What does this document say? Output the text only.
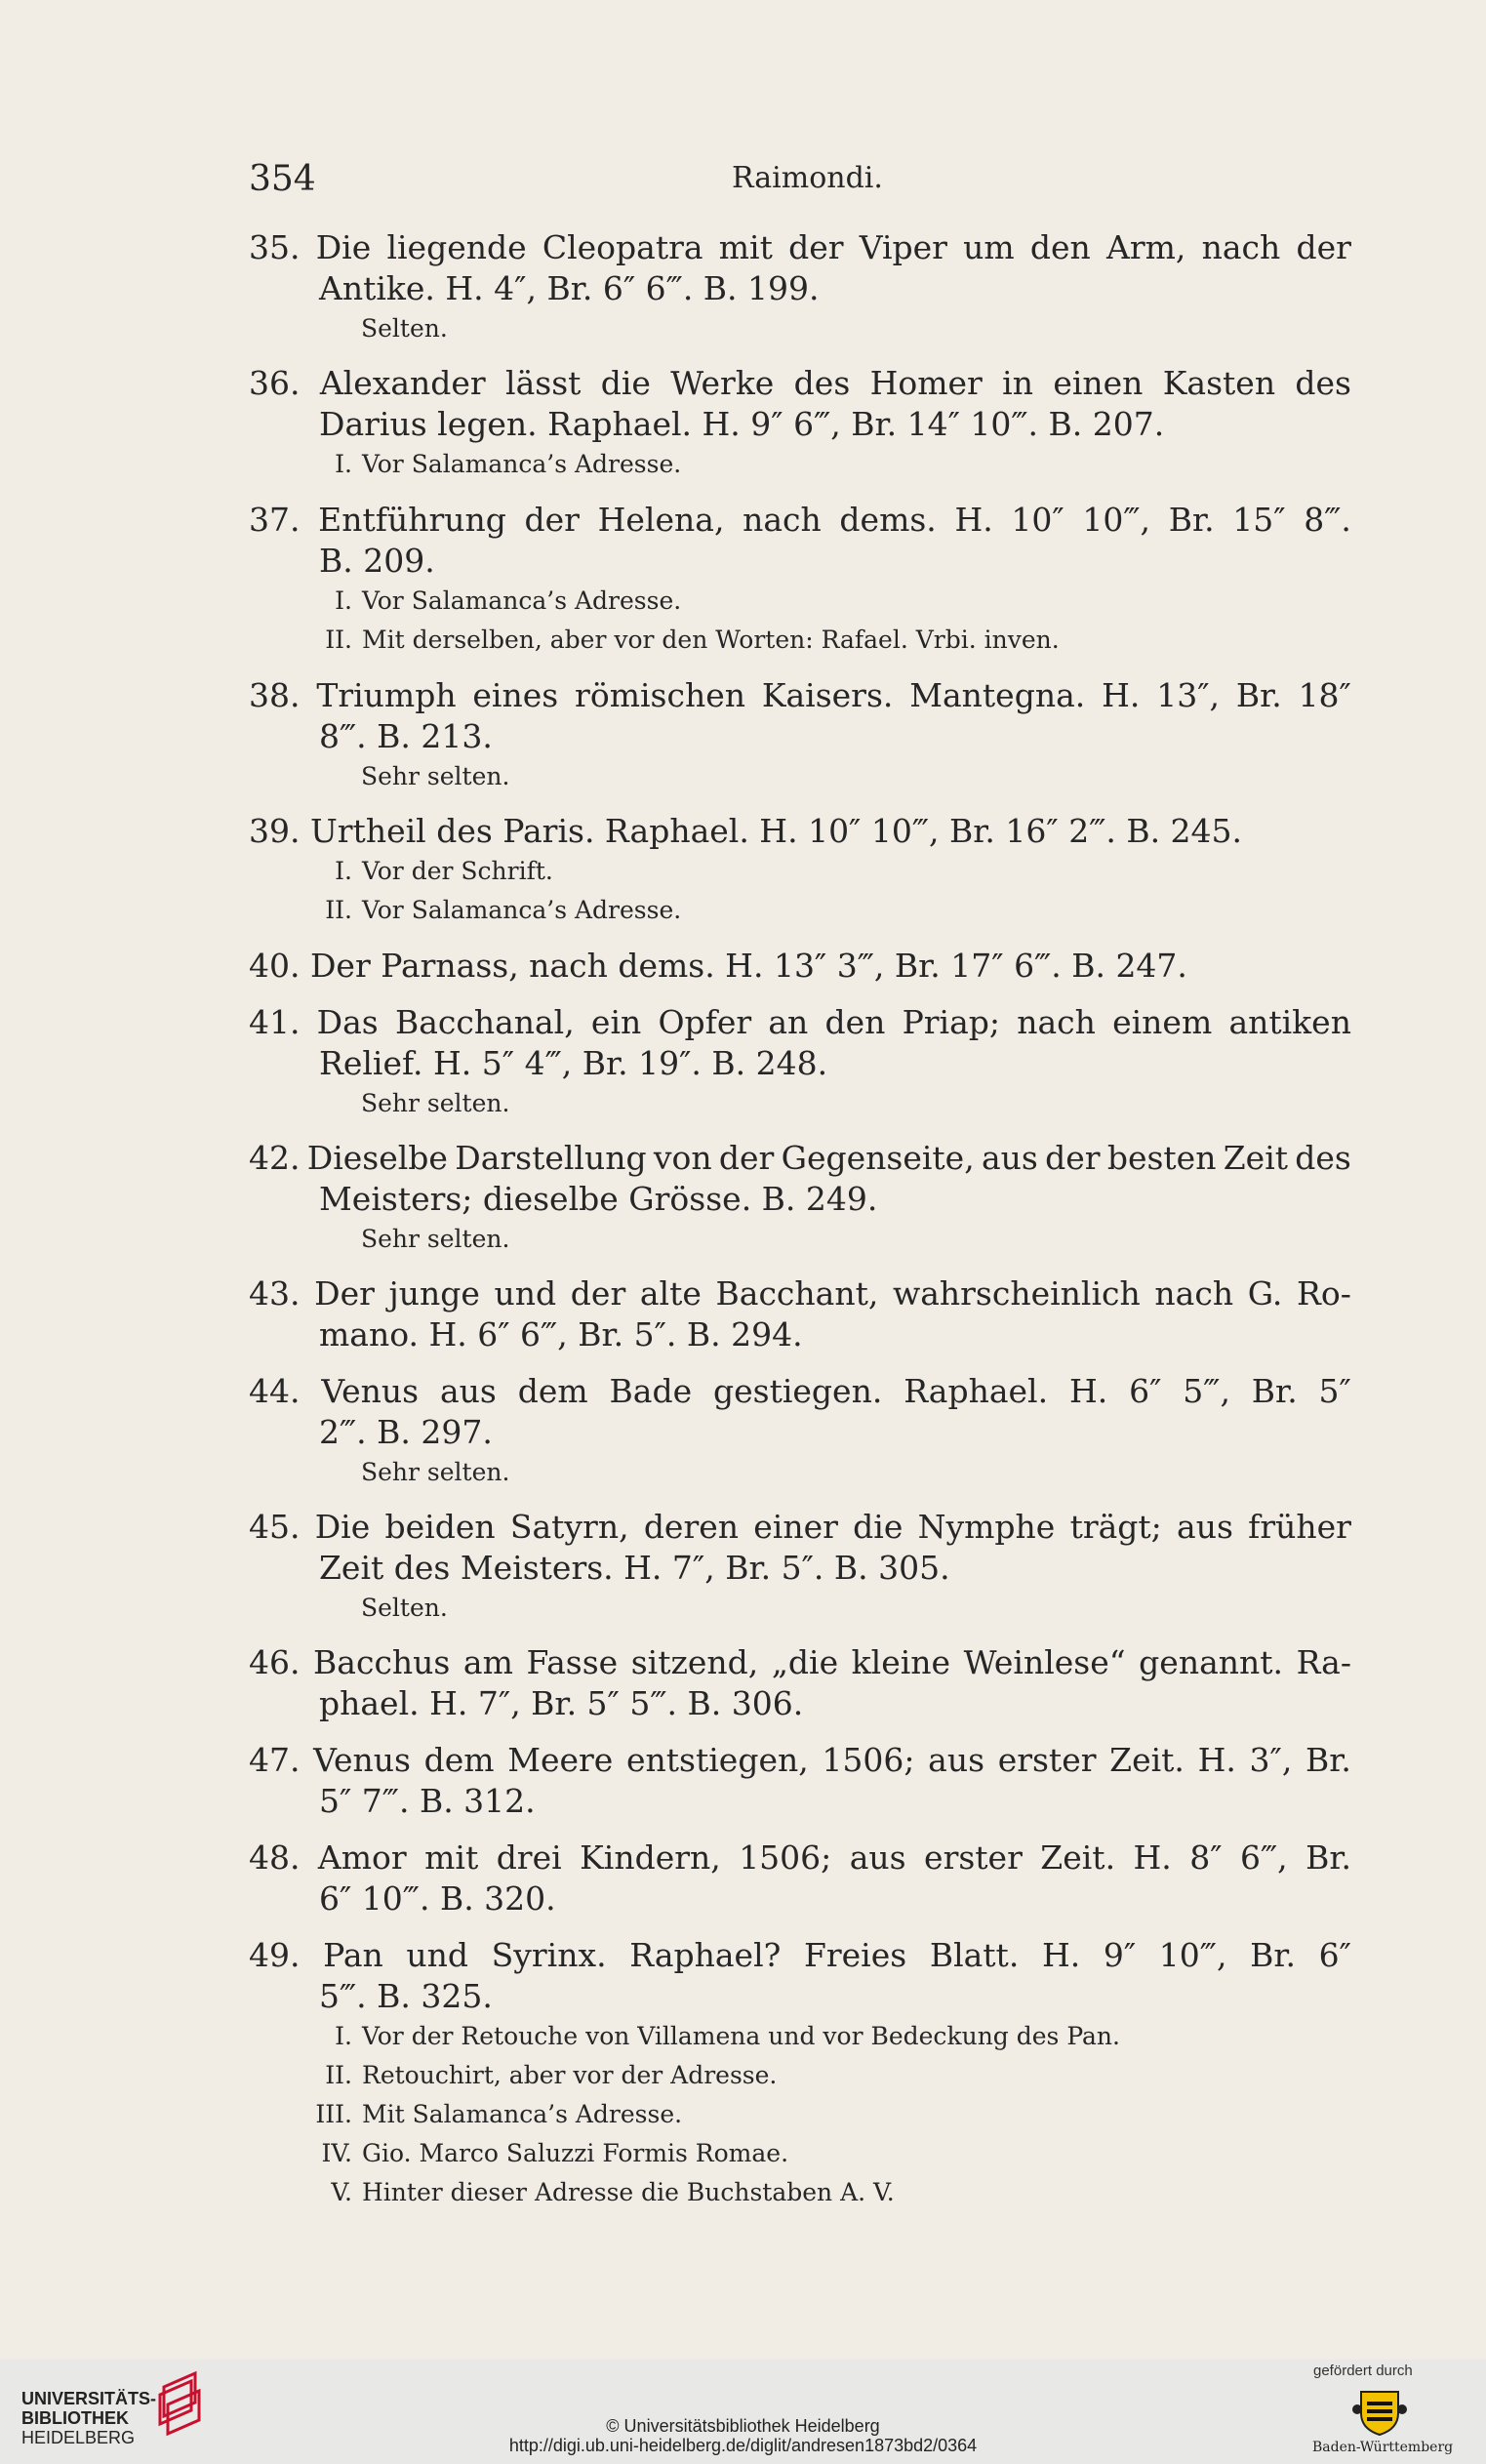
354	Raimondi.
35. Die liegende Cleopatra mit der Viper um den Arm, nach der
Antike. H. 4″, Br. 6″ 6‴. B. 199.
Selten.
36. Alexander lässt die Werke des Homer in einen Kasten des
Darius legen. Raphael. H. 9″ 6‴, Br. 14″ 10‴. B. 207.
I. Vor Salamanca’s Adresse.
37. Entführung der Helena, nach dems. H. 10″ 10‴, Br. 15″ 8‴.
B. 209.
I. Vor Salamanca’s Adresse.
II. Mit derselben, aber vor den Worten: Rafael. Vrbi. inven.
38. Triumph eines römischen Kaisers. Mantegna. H. 13″, Br. 18″
8‴. B. 213.
Sehr selten.
39. Urtheil des Paris. Raphael. H. 10″ 10‴, Br. 16″ 2‴. B. 245.
I. Vor der Schrift.
II. Vor Salamanca’s Adresse.
40. Der Parnass, nach dems. H. 13″ 3‴, Br. 17″ 6‴. B. 247.
41. Das Bacchanal, ein Opfer an den Priap; nach einem antiken
Relief. H. 5″ 4‴, Br. 19″. B. 248.
Sehr selten.
42. Dieselbe Darstellung von der Gegenseite, aus der besten Zeit des
Meisters; dieselbe Grösse. B. 249.
Sehr selten.
43. Der junge und der alte Bacchant, wahrscheinlich nach G. Ro-
mano. H. 6″ 6‴, Br. 5″. B. 294.
44. Venus aus dem Bade gestiegen. Raphael. H. 6″ 5‴, Br. 5″
2‴. B. 297.
Sehr selten.
45. Die beiden Satyrn, deren einer die Nymphe trägt; aus früher
Zeit des Meisters. H. 7″, Br. 5″. B. 305.
Selten.
46. Bacchus am Fasse sitzend, „die kleine Weinlese“ genannt. Ra-
phael. H. 7″, Br. 5″ 5‴. B. 306.
47. Venus dem Meere entstiegen, 1506; aus erster Zeit. H. 3″, Br.
5″ 7‴. B. 312.
48. Amor mit drei Kindern, 1506; aus erster Zeit. H. 8″ 6‴, Br.
6″ 10‴. B. 320.
49. Pan und Syrinx. Raphael? Freies Blatt. H. 9″ 10‴, Br. 6″
5‴. B. 325.
I. Vor der Retouche von Villamena und vor Bedeckung des Pan.
II. Retouchirt, aber vor der Adresse.
III. Mit Salamanca’s Adresse.
IV. Gio. Marco Saluzzi Formis Romae.
V. Hinter dieser Adresse die Buchstaben A. V.
UNIVERSITÄTS-
BIBLIOTHEK
HEIDELBERG
© Universitätsbibliothek Heidelberg
http://digi.ub.uni-heidelberg.de/diglit/andresen1873bd2/0364
gefördert durch
Baden-Württemberg
